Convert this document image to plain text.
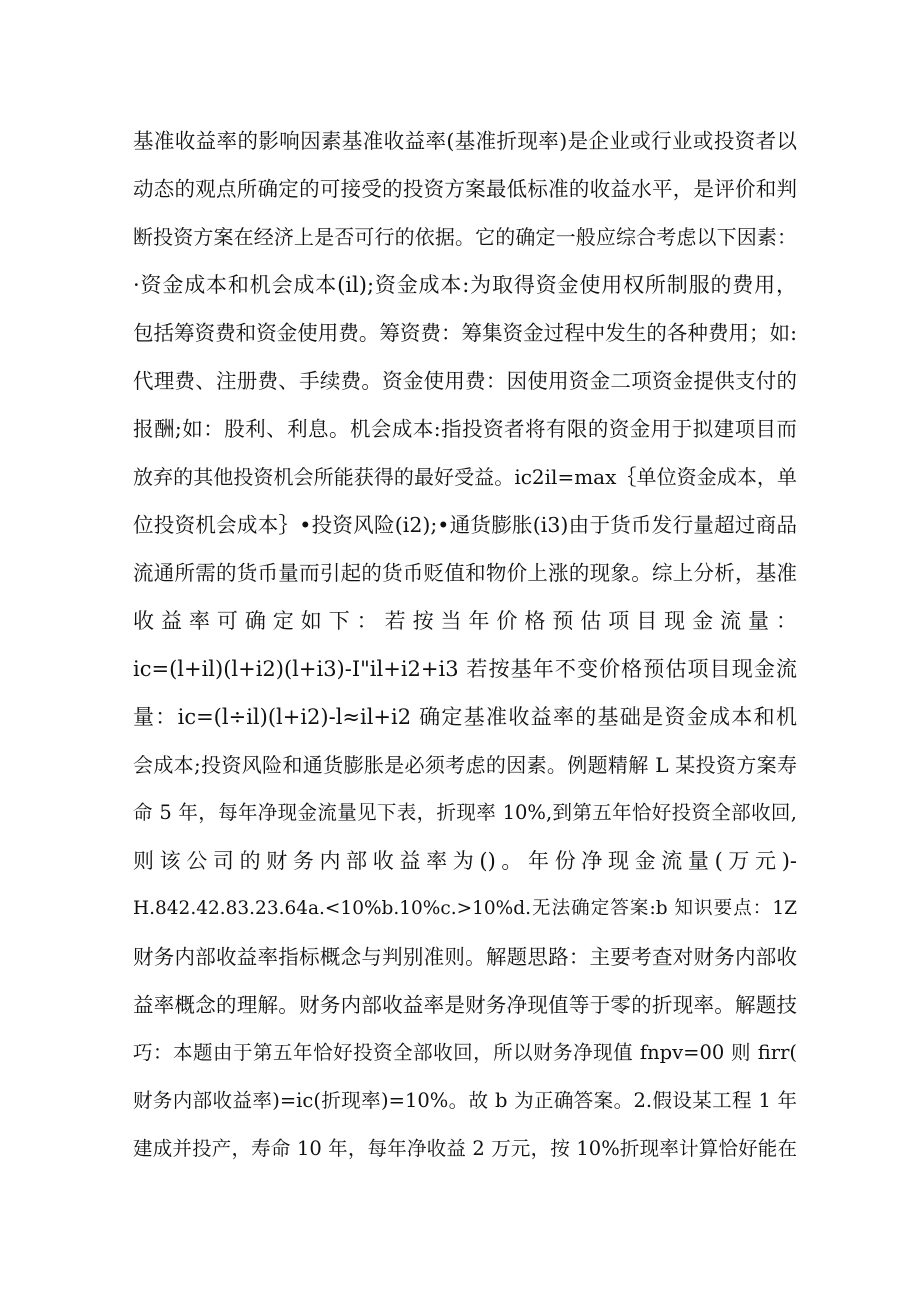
基准收益率的影响因素基准收益率(基准折现率)是企业或行业或投资者以
动态的观点所确定的可接受的投资方案最低标准的收益水平，是评价和判
断投资方案在经济上是否可行的依据。它的确定一般应综合考虑以下因素：
·资金成本和机会成本(il);资金成本:为取得资金使用权所制服的费用，
包括筹资费和资金使用费。筹资费：筹集资金过程中发生的各种费用；如:
代理费、注册费、手续费。资金使用费：因使用资金二项资金提供支付的
报酬;如：股利、利息。机会成本:指投资者将有限的资金用于拟建项目而
放弃的其他投资机会所能获得的最好受益。ic2il=max｛单位资金成本，单
位投资机会成本｝•投资风险(i2);•通货膨胀(i3)由于货币发行量超过商品
流通所需的货币量而引起的货币贬值和物价上涨的现象。综上分析，基准
收益率可确定如下：若按当年价格预估项目现金流量：
ic=(l+il)(l+i2)(l+i3)-I"il+i2+i3 若按基年不变价格预估项目现金流
量：ic=(l÷il)(l+i2)-l≈il+i2 确定基准收益率的基础是资金成本和机
会成本;投资风险和通货膨胀是必须考虑的因素。例题精解 L 某投资方案寿
命 5 年，每年净现金流量见下表，折现率 10%,到第五年恰好投资全部收回,
则该公司的财务内部收益率为()。年份净现金流量(万元)-
H.842.42.83.23.64a.<10%b.10%c.>10%d.无法确定答案:b 知识要点：1Z
财务内部收益率指标概念与判别准则。解题思路：主要考查对财务内部收
益率概念的理解。财务内部收益率是财务净现值等于零的折现率。解题技
巧：本题由于第五年恰好投资全部收回，所以财务净现值 fnpv=00 则 firr(
财务内部收益率)=ic(折现率)=10%。故 b 为正确答案。2.假设某工程 1 年
建成并投产，寿命 10 年，每年净收益 2 万元，按 10%折现率计算恰好能在
